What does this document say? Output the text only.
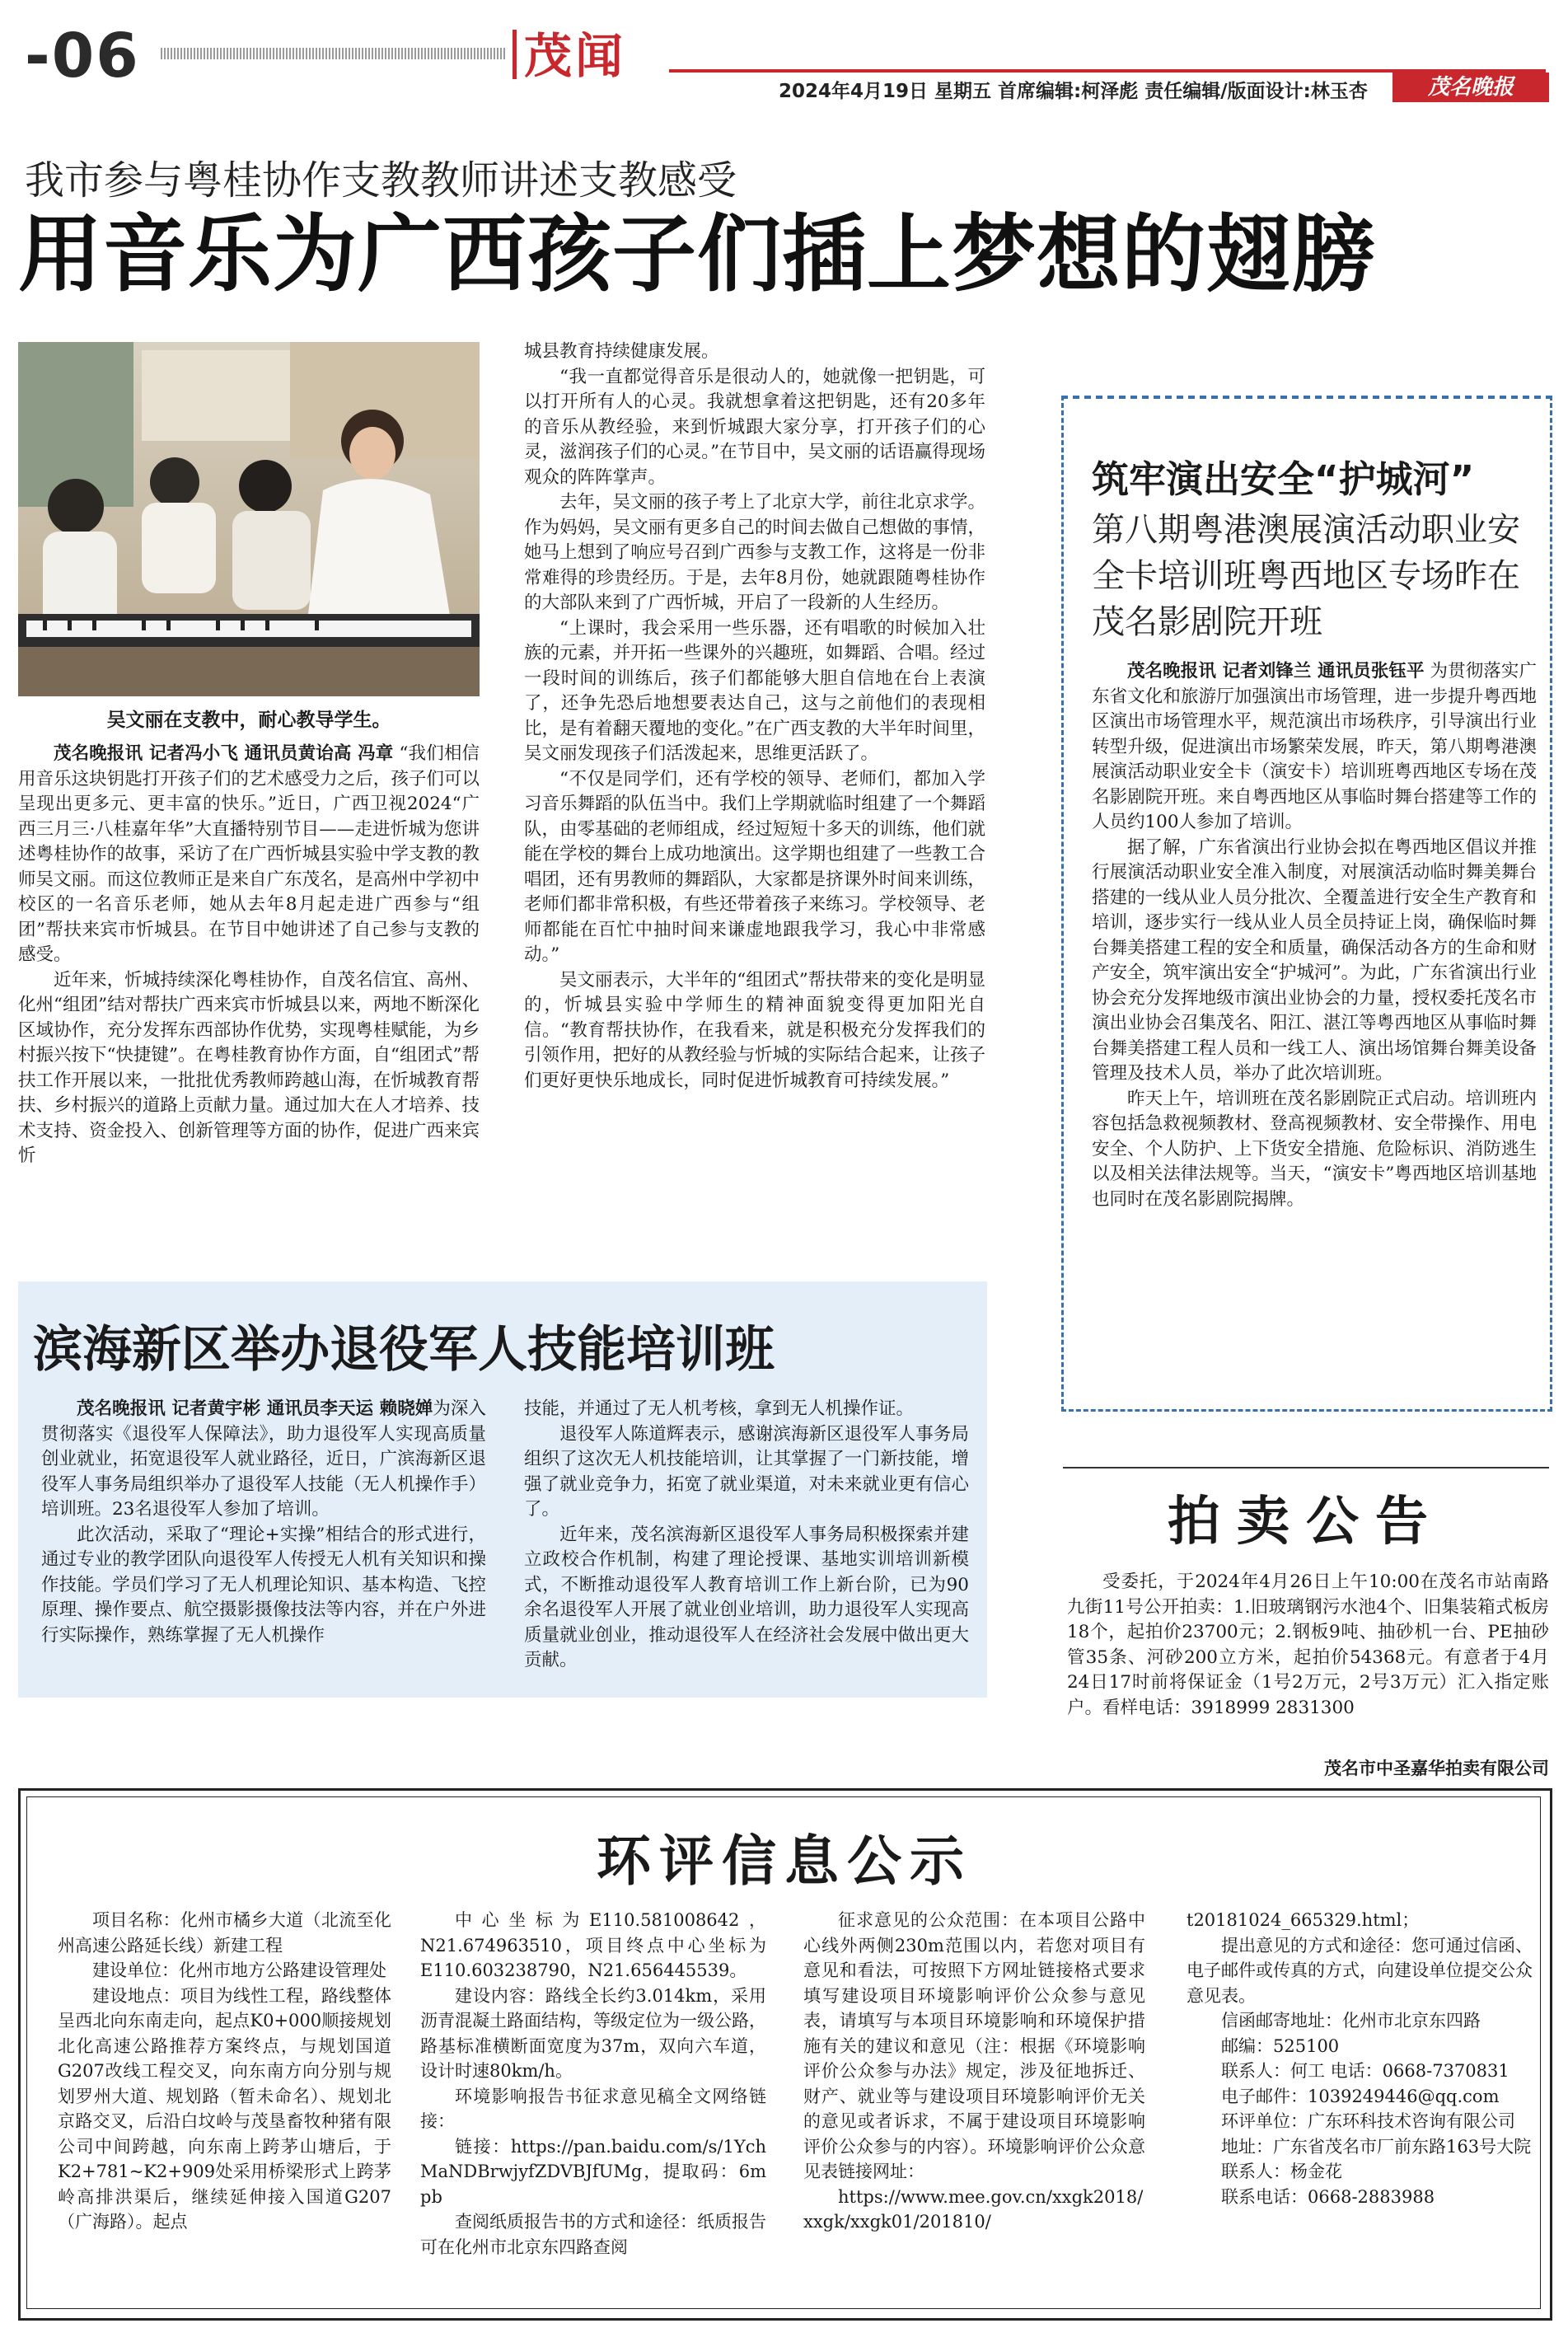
-06	茂闻
2024年4月19日 星期五 首席编辑:柯泽彪 责任编辑/版面设计:林玉杏	茂名晚报
我市参与粤桂协作支教教师讲述支教感受
用音乐为广西孩子们插上梦想的翅膀
吴文丽在支教中，耐心教导学生。

茂名晚报讯 记者冯小飞 通讯员黄诒高 冯章 “我们相信用音乐这块钥匙打开孩子们的艺术感受力之后，孩子们可以呈现出更多元、更丰富的快乐。”近日，广西卫视2024“广西三月三·八桂嘉年华”大直播特别节目——走进忻城为您讲述粤桂协作的故事，采访了在广西忻城县实验中学支教的教师吴文丽。而这位教师正是来自广东茂名，是高州中学初中校区的一名音乐老师，她从去年8月起走进广西参与“组团”帮扶来宾市忻城县。在节目中她讲述了自己参与支教的感受。

近年来，忻城持续深化粤桂协作，自茂名信宜、高州、化州“组团”结对帮扶广西来宾市忻城县以来，两地不断深化区域协作，充分发挥东西部协作优势，实现粤桂赋能，为乡村振兴按下“快捷键”。在粤桂教育协作方面，自“组团式”帮扶工作开展以来，一批批优秀教师跨越山海，在忻城教育帮扶、乡村振兴的道路上贡献力量。通过加大在人才培养、技术支持、资金投入、创新管理等方面的协作，促进广西来宾忻

城县教育持续健康发展。

“我一直都觉得音乐是很动人的，她就像一把钥匙，可以打开所有人的心灵。我就想拿着这把钥匙，还有20多年的音乐从教经验，来到忻城跟大家分享，打开孩子们的心灵，滋润孩子们的心灵。”在节目中，吴文丽的话语赢得现场观众的阵阵掌声。

去年，吴文丽的孩子考上了北京大学，前往北京求学。作为妈妈，吴文丽有更多自己的时间去做自己想做的事情，她马上想到了响应号召到广西参与支教工作，这将是一份非常难得的珍贵经历。于是，去年8月份，她就跟随粤桂协作的大部队来到了广西忻城，开启了一段新的人生经历。

“上课时，我会采用一些乐器，还有唱歌的时候加入壮族的元素，并开拓一些课外的兴趣班，如舞蹈、合唱。经过一段时间的训练后，孩子们都能够大胆自信地在台上表演了，还争先恐后地想要表达自己，这与之前他们的表现相比，是有着翻天覆地的变化。”在广西支教的大半年时间里，吴文丽发现孩子们活泼起来，思维更活跃了。

“不仅是同学们，还有学校的领导、老师们，都加入学习音乐舞蹈的队伍当中。我们上学期就临时组建了一个舞蹈队，由零基础的老师组成，经过短短十多天的训练，他们就能在学校的舞台上成功地演出。这学期也组建了一些教工合唱团，还有男教师的舞蹈队，大家都是挤课外时间来训练，老师们都非常积极，有些还带着孩子来练习。学校领导、老师都能在百忙中抽时间来谦虚地跟我学习，我心中非常感动。”

吴文丽表示，大半年的“组团式”帮扶带来的变化是明显的，忻城县实验中学师生的精神面貌变得更加阳光自信。“教育帮扶协作，在我看来，就是积极充分发挥我们的引领作用，把好的从教经验与忻城的实际结合起来，让孩子们更好更快乐地成长，同时促进忻城教育可持续发展。”

筑牢演出安全“护城河”
第八期粤港澳展演活动职业安全卡培训班粤西地区专场昨在茂名影剧院开班

茂名晚报讯 记者刘锋兰 通讯员张钰平 为贯彻落实广东省文化和旅游厅加强演出市场管理，进一步提升粤西地区演出市场管理水平，规范演出市场秩序，引导演出行业转型升级，促进演出市场繁荣发展，昨天，第八期粤港澳展演活动职业安全卡（演安卡）培训班粤西地区专场在茂名影剧院开班。来自粤西地区从事临时舞台搭建等工作的人员约100人参加了培训。

据了解，广东省演出行业协会拟在粤西地区倡议并推行展演活动职业安全准入制度，对展演活动临时舞美舞台搭建的一线从业人员分批次、全覆盖进行安全生产教育和培训，逐步实行一线从业人员全员持证上岗，确保临时舞台舞美搭建工程的安全和质量，确保活动各方的生命和财产安全，筑牢演出安全“护城河”。为此，广东省演出行业协会充分发挥地级市演出业协会的力量，授权委托茂名市演出业协会召集茂名、阳江、湛江等粤西地区从事临时舞台舞美搭建工程人员和一线工人、演出场馆舞台舞美设备管理及技术人员，举办了此次培训班。

昨天上午，培训班在茂名影剧院正式启动。培训班内容包括急救视频教材、登高视频教材、安全带操作、用电安全、个人防护、上下货安全措施、危险标识、消防逃生以及相关法律法规等。当天，“演安卡”粤西地区培训基地也同时在茂名影剧院揭牌。

滨海新区举办退役军人技能培训班

茂名晚报讯 记者黄宇彬 通讯员李天运 赖晓婵为深入贯彻落实《退役军人保障法》，助力退役军人实现高质量创业就业，拓宽退役军人就业路径，近日，广滨海新区退役军人事务局组织举办了退役军人技能（无人机操作手）培训班。23名退役军人参加了培训。

此次活动，采取了“理论+实操”相结合的形式进行，通过专业的教学团队向退役军人传授无人机有关知识和操作技能。学员们学习了无人机理论知识、基本构造、飞控原理、操作要点、航空摄影摄像技法等内容，并在户外进行实际操作，熟练掌握了无人机操作

技能，并通过了无人机考核，拿到无人机操作证。

退役军人陈道辉表示，感谢滨海新区退役军人事务局组织了这次无人机技能培训，让其掌握了一门新技能，增强了就业竞争力，拓宽了就业渠道，对未来就业更有信心了。

近年来，茂名滨海新区退役军人事务局积极探索并建立政校合作机制，构建了理论授课、基地实训培训新模式，不断推动退役军人教育培训工作上新台阶，已为90余名退役军人开展了就业创业培训，助力退役军人实现高质量就业创业，推动退役军人在经济社会发展中做出更大贡献。

拍卖公告

受委托，于2024年4月26日上午10:00在茂名市站南路九街11号公开拍卖：1.旧玻璃钢污水池4个、旧集装箱式板房18个，起拍价23700元；2.钢板9吨、抽砂机一台、PE抽砂管35条、河砂200立方米，起拍价54368元。有意者于4月24日17时前将保证金（1号2万元，2号3万元）汇入指定账户。看样电话：3918999 2831300

茂名市中圣嘉华拍卖有限公司
环评信息公示

项目名称：化州市橘乡大道（北流至化州高速公路延长线）新建工程

建设单位：化州市地方公路建设管理处

建设地点：项目为线性工程，路线整体呈西北向东南走向，起点K0+000顺接规划北化高速公路推荐方案终点，与规划国道G207改线工程交叉，向东南方向分别与规划罗州大道、规划路（暂未命名）、规划北京路交叉，后沿白坟岭与茂垦畜牧种猪有限公司中间跨越，向东南上跨茅山塘后，于K2+781~K2+909处采用桥梁形式上跨茅岭高排洪渠后，继续延伸接入国道G207（广海路）。起点

中心坐标为E110.581008642，N21.674963510，项目终点中心坐标为E110.603238790，N21.656445539。

建设内容：路线全长约3.014km，采用沥青混凝土路面结构，等级定位为一级公路，路基标准横断面宽度为37m，双向六车道，设计时速80km/h。

环境影响报告书征求意见稿全文网络链接：

链接：https://pan.baidu.com/s/1YchMaNDBrwjyfZDVBJfUMg，提取码：6mpb

查阅纸质报告书的方式和途径：纸质报告可在化州市北京东四路查阅

征求意见的公众范围：在本项目公路中心线外两侧230m范围以内，若您对项目有意见和看法，可按照下方网址链接格式要求填写建设项目环境影响评价公众参与意见表，请填写与本项目环境影响和环境保护措施有关的建议和意见（注：根据《环境影响评价公众参与办法》规定，涉及征地拆迁、财产、就业等与建设项目环境影响评价无关的意见或者诉求，不属于建设项目环境影响评价公众参与的内容）。环境影响评价公众意见表链接网址：

https://www.mee.gov.cn/xxgk2018/xxgk/xxgk01/201810/

t20181024_665329.html；

提出意见的方式和途径：您可通过信函、电子邮件或传真的方式，向建设单位提交公众意见表。

信函邮寄地址：化州市北京东四路

邮编：525100

联系人：何工 电话：0668-7370831

电子邮件：1039249446@qq.com

环评单位：广东环科技术咨询有限公司

地址：广东省茂名市厂前东路163号大院

联系人：杨金花

联系电话：0668-2883988
